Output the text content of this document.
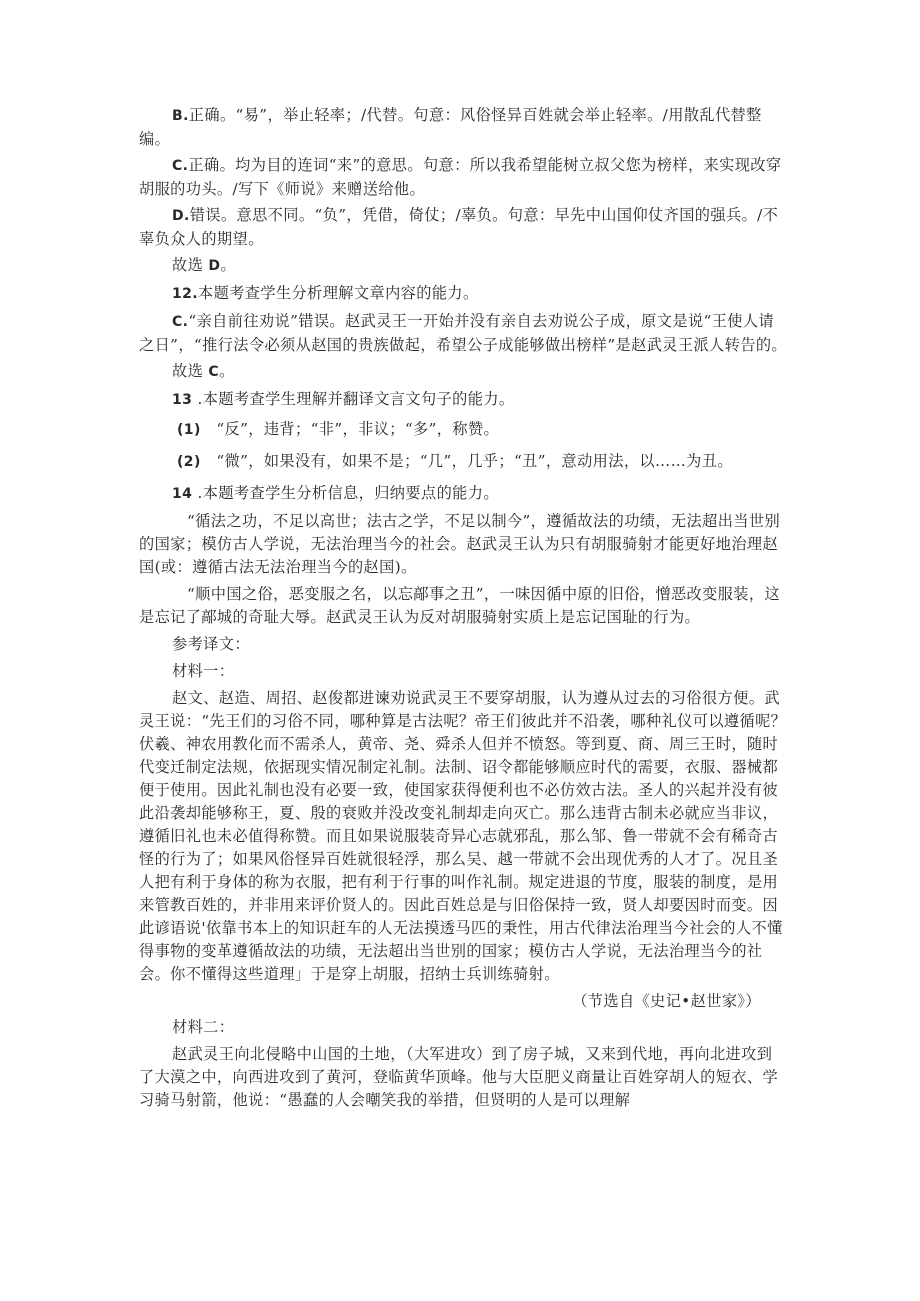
B.正确。“易”，举止轻率；/代替。句意：风俗怪异百姓就会举止轻率。/用散乱代替整编。

C.正确。均为目的连词“来”的意思。句意：所以我希望能树立叔父您为榜样，来实现改穿胡服的功头。/写下《师说》来赠送给他。

D.错误。意思不同。“负”，凭借，倚仗；/辜负。句意：早先中山国仰仗齐国的强兵。/不辜负众人的期望。

故选 D。

12.本题考查学生分析理解文章内容的能力。

C.“亲自前往劝说”错误。赵武灵王一开始并没有亲自去劝说公子成，原文是说“王使人请之日”，“推行法令必须从赵国的贵族做起，希望公子成能够做出榜样”是赵武灵王派人转告的。

故选 C。

13 .本题考查学生理解并翻译文言文句子的能力。

(1)　“反”，违背；“非”，非议；“多”，称赞。

(2)　“微”，如果没有，如果不是；“几”，几乎；“丑”，意动用法，以……为丑。

14 .本题考查学生分析信息，归纳要点的能力。

“循法之功，不足以高世；法古之学，不足以制今”，遵循故法的功绩，无法超出当世别的国家；模仿古人学说，无法治理当今的社会。赵武灵王认为只有胡服骑射才能更好地治理赵国(或：遵循古法无法治理当今的赵国)。

“顺中国之俗，恶变服之名，以忘鄗事之丑”，一味因循中原的旧俗，憎恶改变服装，这是忘记了鄗城的奇耻大辱。赵武灵王认为反对胡服骑射实质上是忘记国耻的行为。

参考译文：

材料一：

赵文、赵造、周招、赵俊都进谏劝说武灵王不要穿胡服，认为遵从过去的习俗很方便。武灵王说：“先王们的习俗不同，哪种算是古法呢？帝王们彼此并不沿袭，哪种礼仪可以遵循呢？伏羲、神农用教化而不需杀人，黄帝、尧、舜杀人但并不愤怒。等到夏、商、周三王时，随时代变迁制定法规，依据现实情况制定礼制。法制、诏令都能够顺应时代的需要，衣服、器械都便于使用。因此礼制也没有必要一致，使国家获得便利也不必仿效古法。圣人的兴起并没有彼此沿袭却能够称王，夏、殷的衰败并没改变礼制却走向灭亡。那么违背古制未必就应当非议，遵循旧礼也未必值得称赞。而且如果说服装奇异心志就邪乱，那么邹、鲁一带就不会有稀奇古怪的行为了；如果风俗怪异百姓就很轻浮，那么吴、越一带就不会出现优秀的人才了。况且圣人把有利于身体的称为衣服，把有利于行事的叫作礼制。规定进退的节度，服装的制度，是用来管教百姓的，并非用来评价贤人的。因此百姓总是与旧俗保持一致，贤人却要因时而变。因此谚语说'依靠书本上的知识赶车的人无法摸透马匹的秉性，用古代律法治理当今社会的人不懂得事物的变革遵循故法的功绩，无法超出当世别的国家；模仿古人学说，无法治理当今的社会。你不懂得这些道理」于是穿上胡服，招纳士兵训练骑射。

（节选自《史记•赵世家》）

材料二：

赵武灵王向北侵略中山国的土地，（大军进攻）到了房子城，又来到代地，再向北进攻到了大漠之中，向西进攻到了黄河，登临黄华顶峰。他与大臣肥义商量让百姓穿胡人的短衣、学习骑马射箭，他说：“愚蠢的人会嘲笑我的举措，但贤明的人是可以理解
